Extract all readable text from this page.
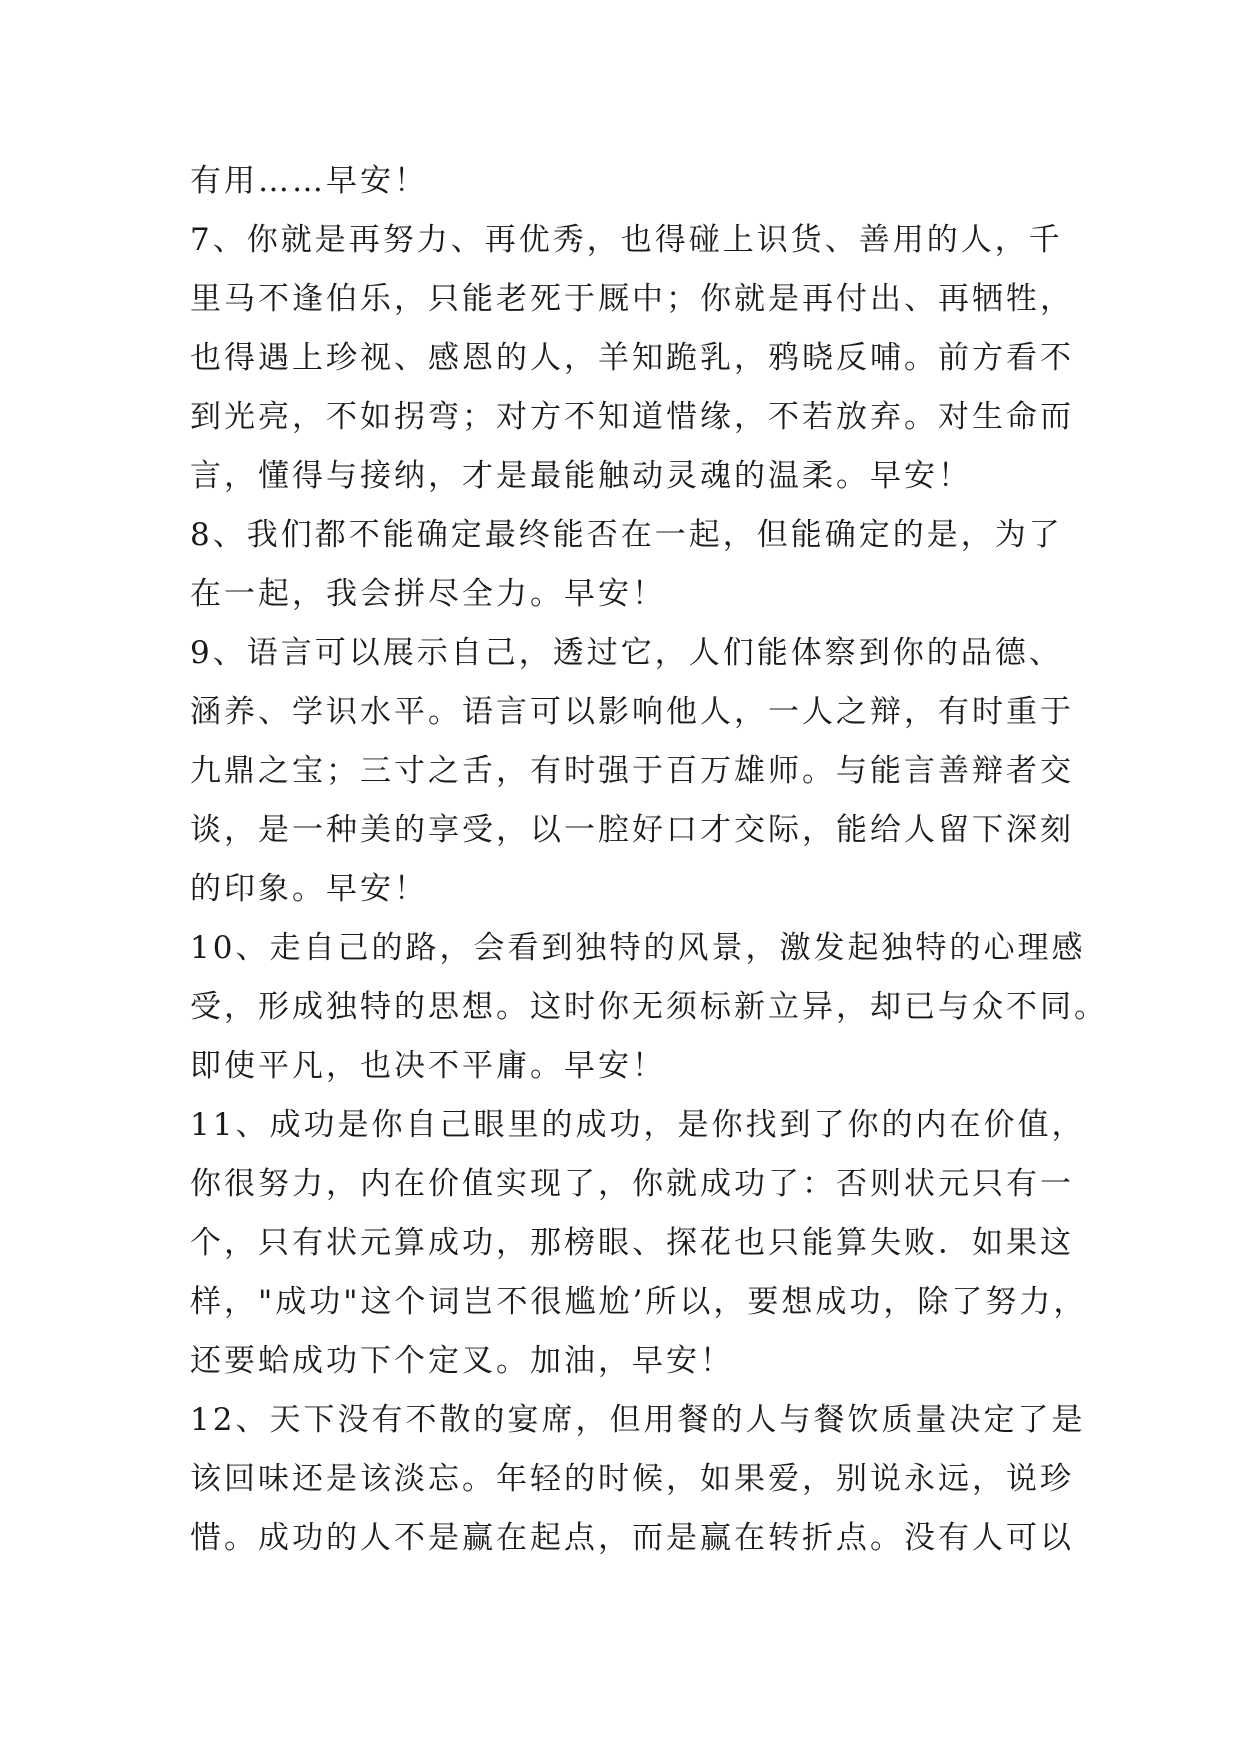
有用……早安！
7、你就是再努力、再优秀，也得碰上识货、善用的人，千
里马不逢伯乐，只能老死于厩中；你就是再付出、再牺牲，
也得遇上珍视、感恩的人，羊知跪乳，鸦晓反哺。前方看不
到光亮，不如拐弯；对方不知道惜缘，不若放弃。对生命而
言，懂得与接纳，才是最能触动灵魂的温柔。早安！
8、我们都不能确定最终能否在一起，但能确定的是，为了
在一起，我会拼尽全力。早安！
9、语言可以展示自己，透过它，人们能体察到你的品德、
涵养、学识水平。语言可以影响他人，一人之辩，有时重于
九鼎之宝；三寸之舌，有时强于百万雄师。与能言善辩者交
谈，是一种美的享受，以一腔好口才交际，能给人留下深刻
的印象。早安！
10、走自己的路，会看到独特的风景，激发起独特的心理感
受，形成独特的思想。这时你无须标新立异，却已与众不同。
即使平凡，也决不平庸。早安！
11、成功是你自己眼里的成功，是你找到了你的内在价值，
你很努力，内在价值实现了，你就成功了：否则状元只有一
个，只有状元算成功，那榜眼、探花也只能算失败．如果这
样，"成功"这个词岂不很尴尬’所以，要想成功，除了努力，
还要蛤成功下个定叉。加油，早安！
12、天下没有不散的宴席，但用餐的人与餐饮质量决定了是
该回味还是该淡忘。年轻的时候，如果爱，别说永远，说珍
惜。成功的人不是赢在起点，而是赢在转折点。没有人可以
